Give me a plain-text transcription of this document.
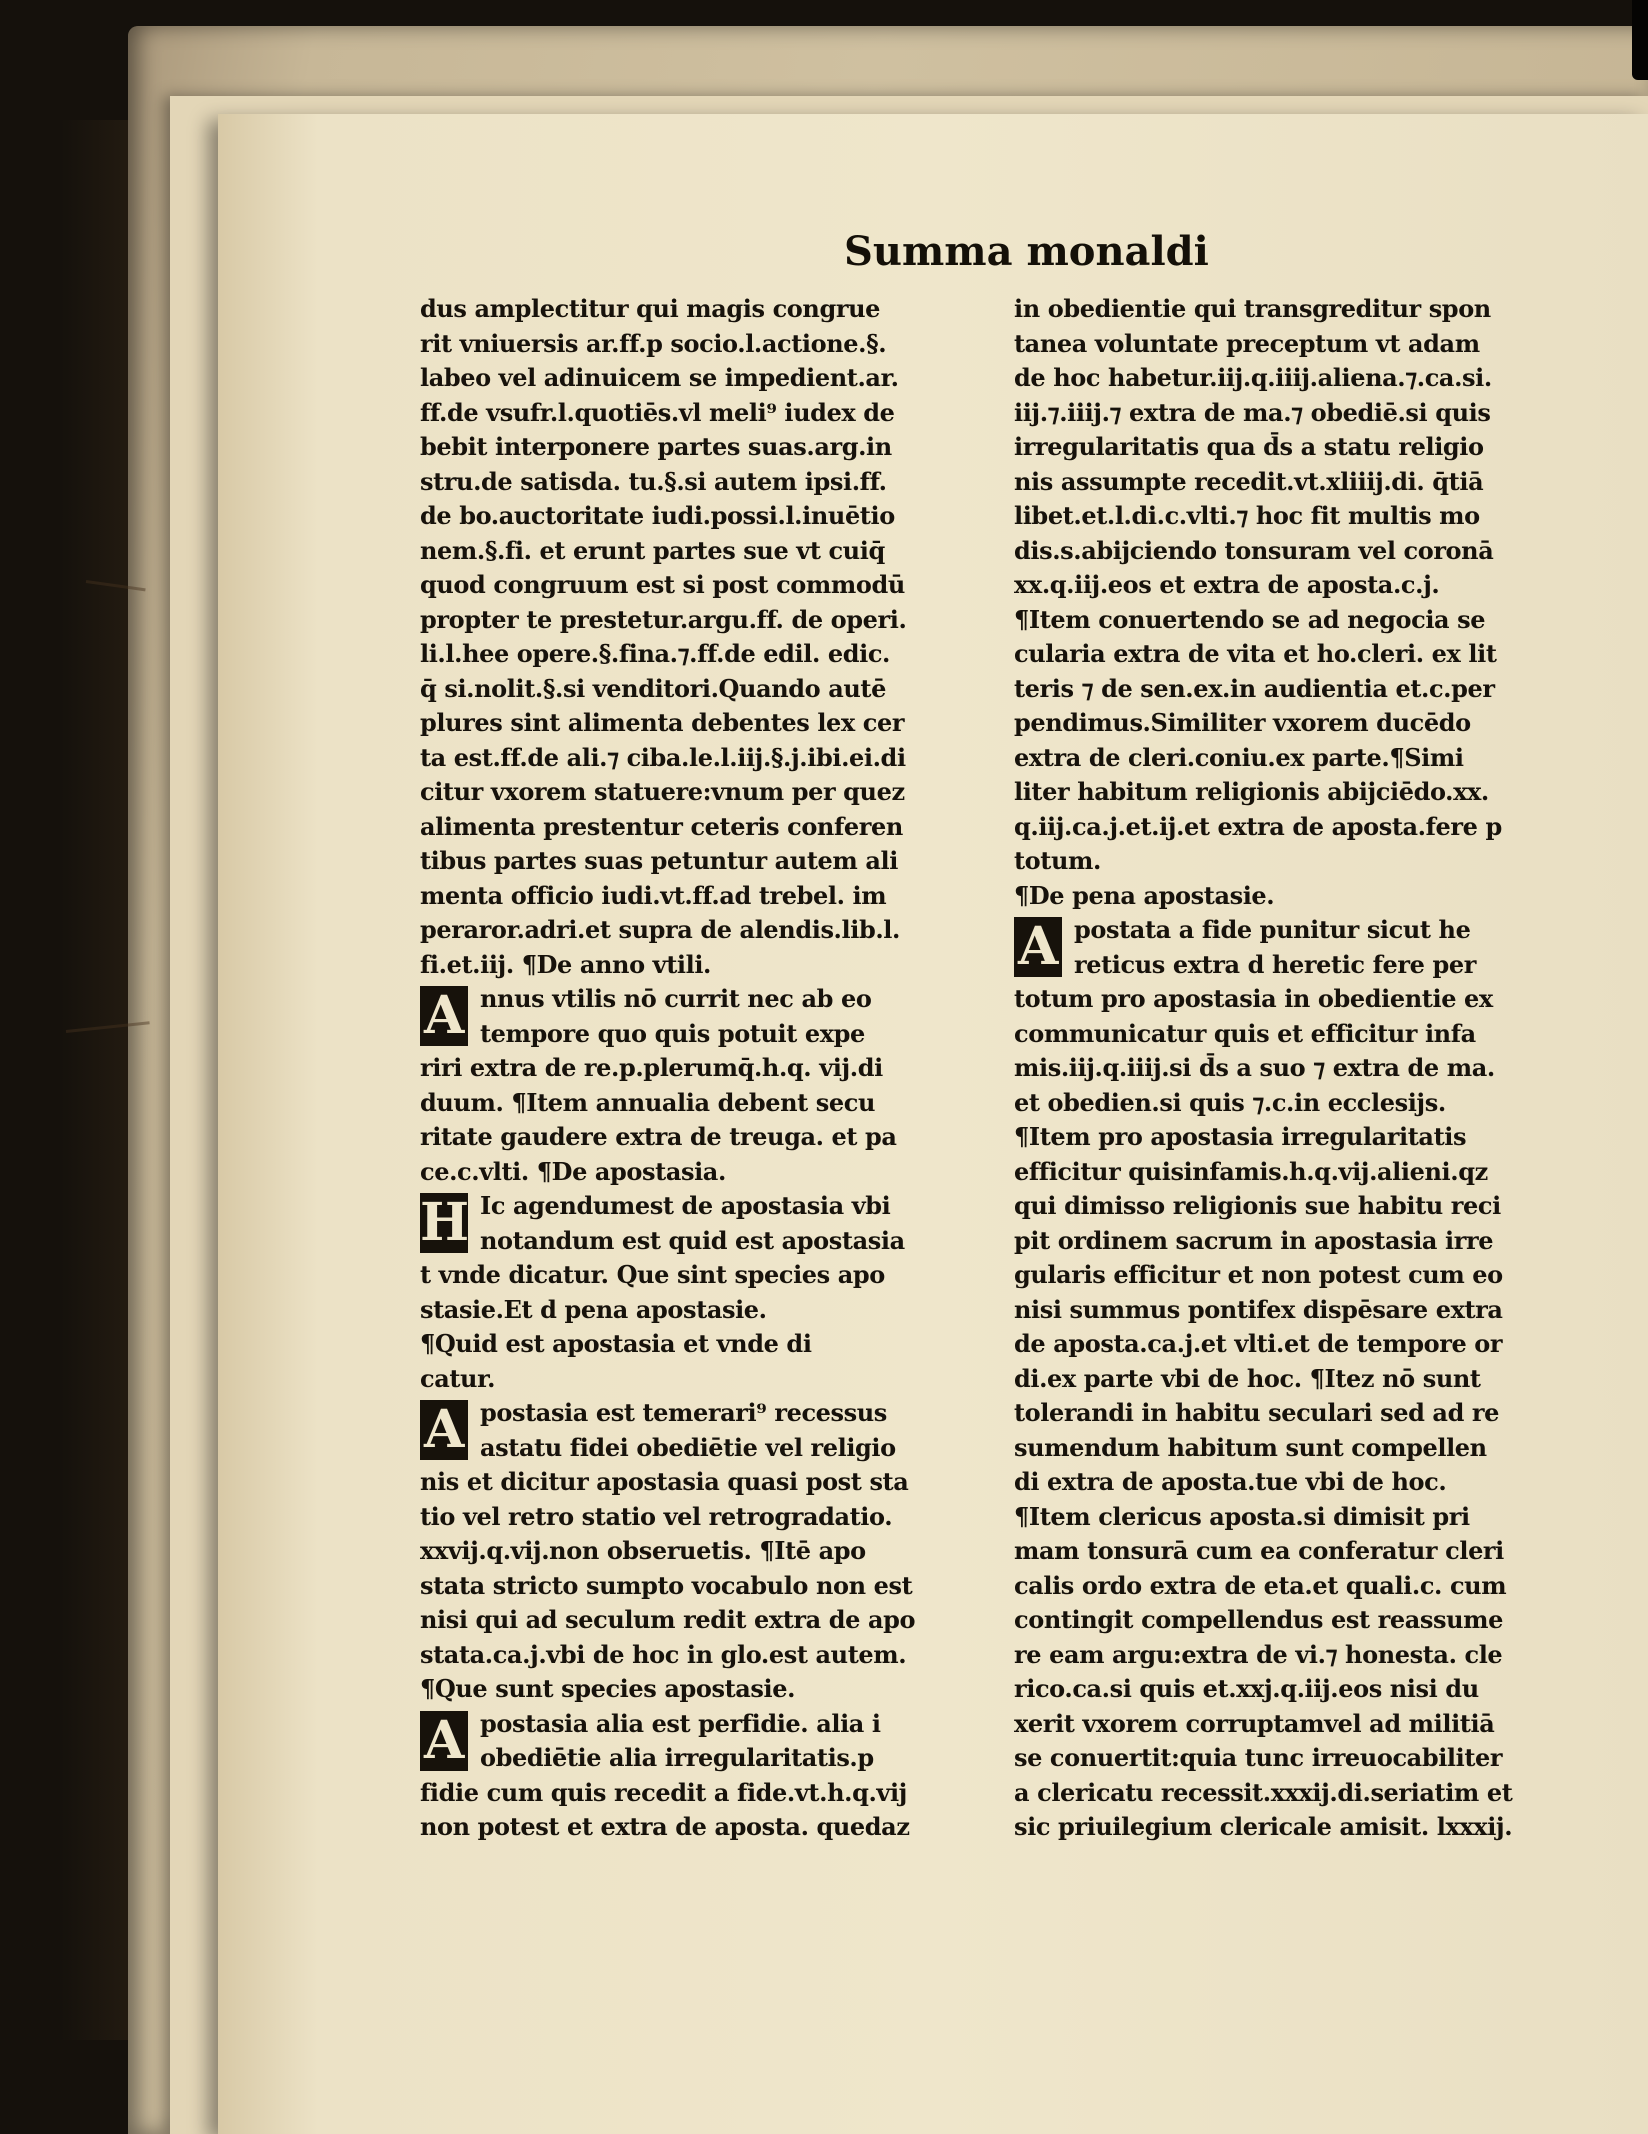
Summa monaldi
dus amplectitur qui magis congrue
rit vniuersis ar.ff.p socio.l.actione.§.
labeo vel adinuicem se impedient.ar.
ff.de vsufr.l.quotiēs.vl meli⁹ iudex de
bebit interponere partes suas.arg.in
stru.de satisda. tu.§.si autem ipsi.ff.
de bo.auctoritate iudi.possi.l.inuētio
nem.§.fi. et erunt partes sue vt cuiq̄
quod congruum est si post commodū
propter te prestetur.argu.ff. de operi.
li.l.hee opere.§.fina.⁊.ff.de edil. edic.
q̄ si.nolit.§.si venditori.Quando autē
plures sint alimenta debentes lex cer
ta est.ff.de ali.⁊ ciba.le.l.iij.§.j.ibi.ei.di
citur vxorem statuere:vnum per quez
alimenta prestentur ceteris conferen
tibus partes suas petuntur autem ali
menta officio iudi.vt.ff.ad trebel. im
peraror.adri.et supra de alendis.lib.l.
fi.et.iij. ¶De anno vtili.
A nnus vtilis nō currit nec ab eo
tempore quo quis potuit expe
riri extra de re.p.plerumq̄.h.q. vij.di
duum. ¶Item annualia debent secu
ritate gaudere extra de treuga. et pa
ce.c.vlti. ¶De apostasia.
H Ic agendumest de apostasia vbi
notandum est quid est apostasia
t vnde dicatur. Que sint species apo
stasie.Et d pena apostasie.
¶Quid est apostasia et vnde di
catur.
A postasia est temerari⁹ recessus
astatu fidei obediētie vel religio
nis et dicitur apostasia quasi post sta
tio vel retro statio vel retrogradatio.
xxvij.q.vij.non obseruetis. ¶Itē apo
stata stricto sumpto vocabulo non est
nisi qui ad seculum redit extra de apo
stata.ca.j.vbi de hoc in glo.est autem.
¶Que sunt species apostasie.
A postasia alia est perfidie. alia i
obediētie alia irregularitatis.p
fidie cum quis recedit a fide.vt.h.q.vij
non potest et extra de aposta. quedaz
in obedientie qui transgreditur spon
tanea voluntate preceptum vt adam
de hoc habetur.iij.q.iiij.aliena.⁊.ca.si.
iij.⁊.iiij.⁊ extra de ma.⁊ obediē.si quis
irregularitatis qua d̄s a statu religio
nis assumpte recedit.vt.xliiij.di. q̄tiā
libet.et.l.di.c.vlti.⁊ hoc fit multis mo
dis.s.abijciendo tonsuram vel coronā
xx.q.iij.eos et extra de aposta.c.j.
¶Item conuertendo se ad negocia se
cularia extra de vita et ho.cleri. ex lit
teris ⁊ de sen.ex.in audientia et.c.per
pendimus.Similiter vxorem ducēdo
extra de cleri.coniu.ex parte.¶Simi
liter habitum religionis abijciēdo.xx.
q.iij.ca.j.et.ij.et extra de aposta.fere p
totum.
¶De pena apostasie.
A postata a fide punitur sicut he
reticus extra d heretic fere per
totum pro apostasia in obedientie ex
communicatur quis et efficitur infa
mis.iij.q.iiij.si d̄s a suo ⁊ extra de ma.
et obedien.si quis ⁊.c.in ecclesijs.
¶Item pro apostasia irregularitatis
efficitur quisinfamis.h.q.vij.alieni.qz
qui dimisso religionis sue habitu reci
pit ordinem sacrum in apostasia irre
gularis efficitur et non potest cum eo
nisi summus pontifex dispēsare extra
de aposta.ca.j.et vlti.et de tempore or
di.ex parte vbi de hoc. ¶Itez nō sunt
tolerandi in habitu seculari sed ad re
sumendum habitum sunt compellen
di extra de aposta.tue vbi de hoc.
¶Item clericus aposta.si dimisit pri
mam tonsurā cum ea conferatur cleri
calis ordo extra de eta.et quali.c. cum
contingit compellendus est reassume
re eam argu:extra de vi.⁊ honesta. cle
rico.ca.si quis et.xxj.q.iij.eos nisi du
xerit vxorem corruptamvel ad militiā
se conuertit:quia tunc irreuocabiliter
a clericatu recessit.xxxij.di.seriatim et
sic priuilegium clericale amisit. lxxxij.
